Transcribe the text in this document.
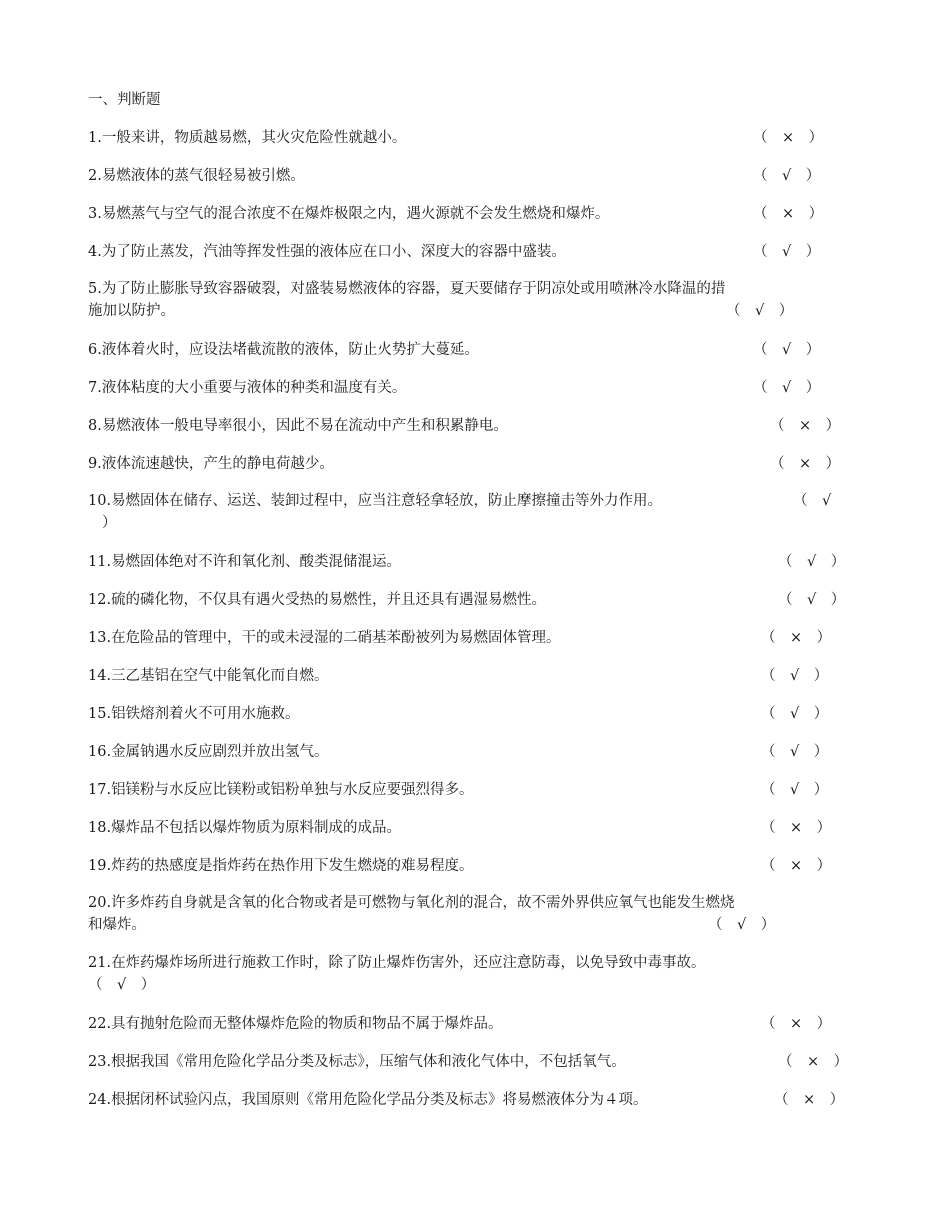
一、判断题
1.一般来讲，物质越易燃，其火灾危险性就越小。	（　×　）
2.易燃液体的蒸气很轻易被引燃。	（　√　）
3.易燃蒸气与空气的混合浓度不在爆炸极限之内，遇火源就不会发生燃烧和爆炸。	（　×　）
4.为了防止蒸发，汽油等挥发性强的液体应在口小、深度大的容器中盛装。	（　√　）
5.为了防止膨胀导致容器破裂，对盛装易燃液体的容器，夏天要储存于阴凉处或用喷淋冷水降温的措
施加以防护。	（　√　）
6.液体着火时，应设法堵截流散的液体，防止火势扩大蔓延。	（　√　）
7.液体粘度的大小重要与液体的种类和温度有关。	（　√　）
8.易燃液体一般电导率很小，因此不易在流动中产生和积累静电。	（　×　）
9.液体流速越快，产生的静电荷越少。	（　×　）
10.易燃固体在储存、运送、装卸过程中，应当注意轻拿轻放，防止摩擦撞击等外力作用。	（　√
）
11.易燃固体绝对不许和氧化剂、酸类混储混运。	（　√　）
12.硫的磷化物，不仅具有遇火受热的易燃性，并且还具有遇湿易燃性。	（　√　）
13.在危险品的管理中，干的或未浸湿的二硝基苯酚被列为易燃固体管理。	（　×　）
14.三乙基铝在空气中能氧化而自燃。	（　√　）
15.铝铁熔剂着火不可用水施救。	（　√　）
16.金属钠遇水反应剧烈并放出氢气。	（　√　）
17.铝镁粉与水反应比镁粉或铝粉单独与水反应要强烈得多。	（　√　）
18.爆炸品不包括以爆炸物质为原料制成的成品。	（　×　）
19.炸药的热感度是指炸药在热作用下发生燃烧的难易程度。	（　×　）
20.许多炸药自身就是含氧的化合物或者是可燃物与氧化剂的混合，故不需外界供应氧气也能发生燃烧
和爆炸。	（　√　）
21.在炸药爆炸场所进行施救工作时，除了防止爆炸伤害外，还应注意防毒，以免导致中毒事故。
（　√　）
22.具有抛射危险而无整体爆炸危险的物质和物品不属于爆炸品。	（　×　）
23.根据我国《常用危险化学品分类及标志》，压缩气体和液化气体中，不包括氧气。	（　×　）
24.根据闭杯试验闪点，我国原则《常用危险化学品分类及标志》将易燃液体分为４项。	（　×　）
